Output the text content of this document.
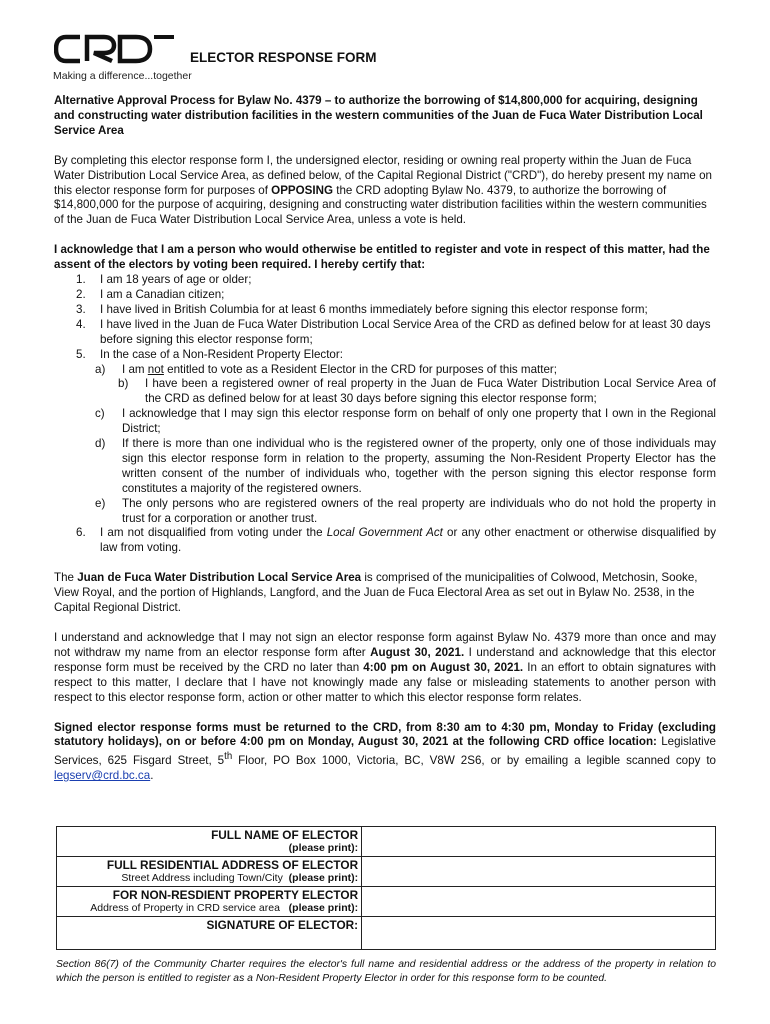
Making a difference...together
ELECTOR RESPONSE FORM

Alternative Approval Process for Bylaw No. 4379 – to authorize the borrowing of $14,800,000 for acquiring, designing and constructing water distribution facilities in the western communities of the Juan de Fuca Water Distribution Local Service Area

By completing this elector response form I, the undersigned elector, residing or owning real property within the Juan de Fuca Water Distribution Local Service Area, as defined below, of the Capital Regional District ("CRD"), do hereby present my name on this elector response form for purposes of OPPOSING the CRD adopting Bylaw No. 4379, to authorize the borrowing of $14,800,000 for the purpose of acquiring, designing and constructing water distribution facilities within the western communities of the Juan de Fuca Water Distribution Local Service Area, unless a vote is held.

I acknowledge that I am a person who would otherwise be entitled to register and vote in respect of this matter, had the assent of the electors by voting been required. I hereby certify that:

1. I am 18 years of age or older;
2. I am a Canadian citizen;
3. I have lived in British Columbia for at least 6 months immediately before signing this elector response form;
4. I have lived in the Juan de Fuca Water Distribution Local Service Area of the CRD as defined below for at least 30 days before signing this elector response form;
5. In the case of a Non-Resident Property Elector:
a) I am not entitled to vote as a Resident Elector in the CRD for purposes of this matter;
b) I have been a registered owner of real property in the Juan de Fuca Water Distribution Local Service Area of the CRD as defined below for at least 30 days before signing this elector response form;
c) I acknowledge that I may sign this elector response form on behalf of only one property that I own in the Regional District;
d) If there is more than one individual who is the registered owner of the property, only one of those individuals may sign this elector response form in relation to the property, assuming the Non-Resident Property Elector has the written consent of the number of individuals who, together with the person signing this elector response form constitutes a majority of the registered owners.
e) The only persons who are registered owners of the real property are individuals who do not hold the property in trust for a corporation or another trust.
6. I am not disqualified from voting under the Local Government Act or any other enactment or otherwise disqualified by law from voting.

The Juan de Fuca Water Distribution Local Service Area is comprised of the municipalities of Colwood, Metchosin, Sooke, View Royal, and the portion of Highlands, Langford, and the Juan de Fuca Electoral Area as set out in Bylaw No. 2538, in the Capital Regional District.

I understand and acknowledge that I may not sign an elector response form against Bylaw No. 4379 more than once and may not withdraw my name from an elector response form after August 30, 2021. I understand and acknowledge that this elector response form must be received by the CRD no later than 4:00 pm on August 30, 2021. In an effort to obtain signatures with respect to this matter, I declare that I have not knowingly made any false or misleading statements to another person with respect to this elector response form, action or other matter to which this elector response form relates.

Signed elector response forms must be returned to the CRD, from 8:30 am to 4:30 pm, Monday to Friday (excluding statutory holidays), on or before 4:00 pm on Monday, August 30, 2021 at the following CRD office location: Legislative Services, 625 Fisgard Street, 5th Floor, PO Box 1000, Victoria, BC, V8W 2S6, or by emailing a legible scanned copy to legserv@crd.bc.ca.

FULL NAME OF ELECTOR
(please print):	

FULL RESIDENTIAL ADDRESS OF ELECTOR
Street Address including Town/City (please print):	

FOR NON-RESDIENT PROPERTY ELECTOR
Address of Property in CRD service area (please print):	

SIGNATURE OF ELECTOR:	

Section 86(7) of the Community Charter requires the elector's full name and residential address or the address of the property in relation to which the person is entitled to register as a Non-Resident Property Elector in order for this response form to be counted.
